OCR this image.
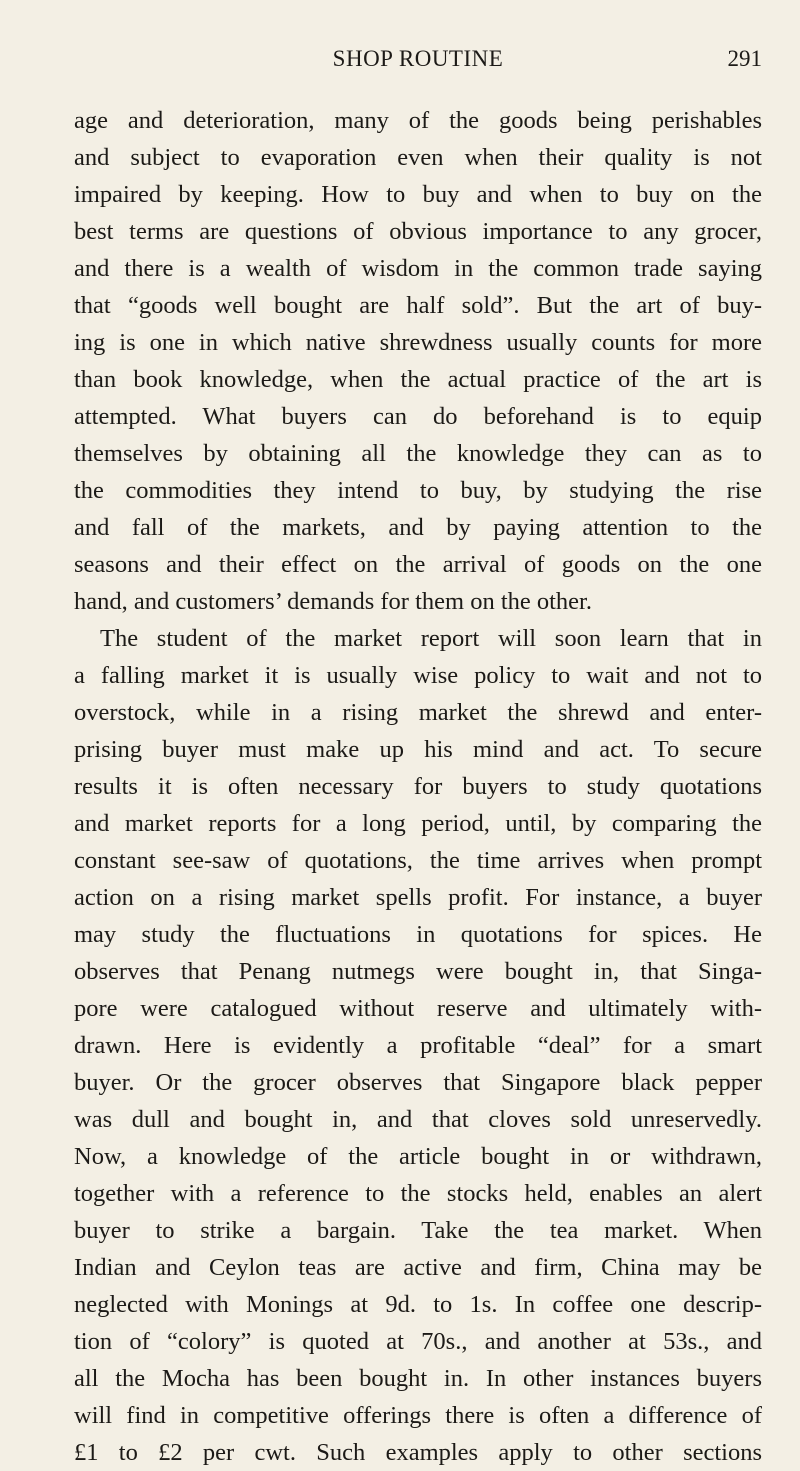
SHOP ROUTINE	291
age and deterioration, many of the goods being perishables
and subject to evaporation even when their quality is not
impaired by keeping. How to buy and when to buy on the
best terms are questions of obvious importance to any grocer,
and there is a wealth of wisdom in the common trade saying
that “goods well bought are half sold”. But the art of buy-
ing is one in which native shrewdness usually counts for more
than book knowledge, when the actual practice of the art is
attempted. What buyers can do beforehand is to equip
themselves by obtaining all the knowledge they can as to
the commodities they intend to buy, by studying the rise
and fall of the markets, and by paying attention to the
seasons and their effect on the arrival of goods on the one
hand, and customers’ demands for them on the other.
The student of the market report will soon learn that in
a falling market it is usually wise policy to wait and not to
overstock, while in a rising market the shrewd and enter-
prising buyer must make up his mind and act. To secure
results it is often necessary for buyers to study quotations
and market reports for a long period, until, by comparing the
constant see-saw of quotations, the time arrives when prompt
action on a rising market spells profit. For instance, a buyer
may study the fluctuations in quotations for spices. He
observes that Penang nutmegs were bought in, that Singa-
pore were catalogued without reserve and ultimately with-
drawn. Here is evidently a profitable “deal” for a smart
buyer. Or the grocer observes that Singapore black pepper
was dull and bought in, and that cloves sold unreservedly.
Now, a knowledge of the article bought in or withdrawn,
together with a reference to the stocks held, enables an alert
buyer to strike a bargain. Take the tea market. When
Indian and Ceylon teas are active and firm, China may be
neglected with Monings at 9d. to 1s. In coffee one descrip-
tion of “colory” is quoted at 70s., and another at 53s., and
all the Mocha has been bought in. In other instances buyers
will find in competitive offerings there is often a difference of
£1 to £2 per cwt. Such examples apply to other sections
